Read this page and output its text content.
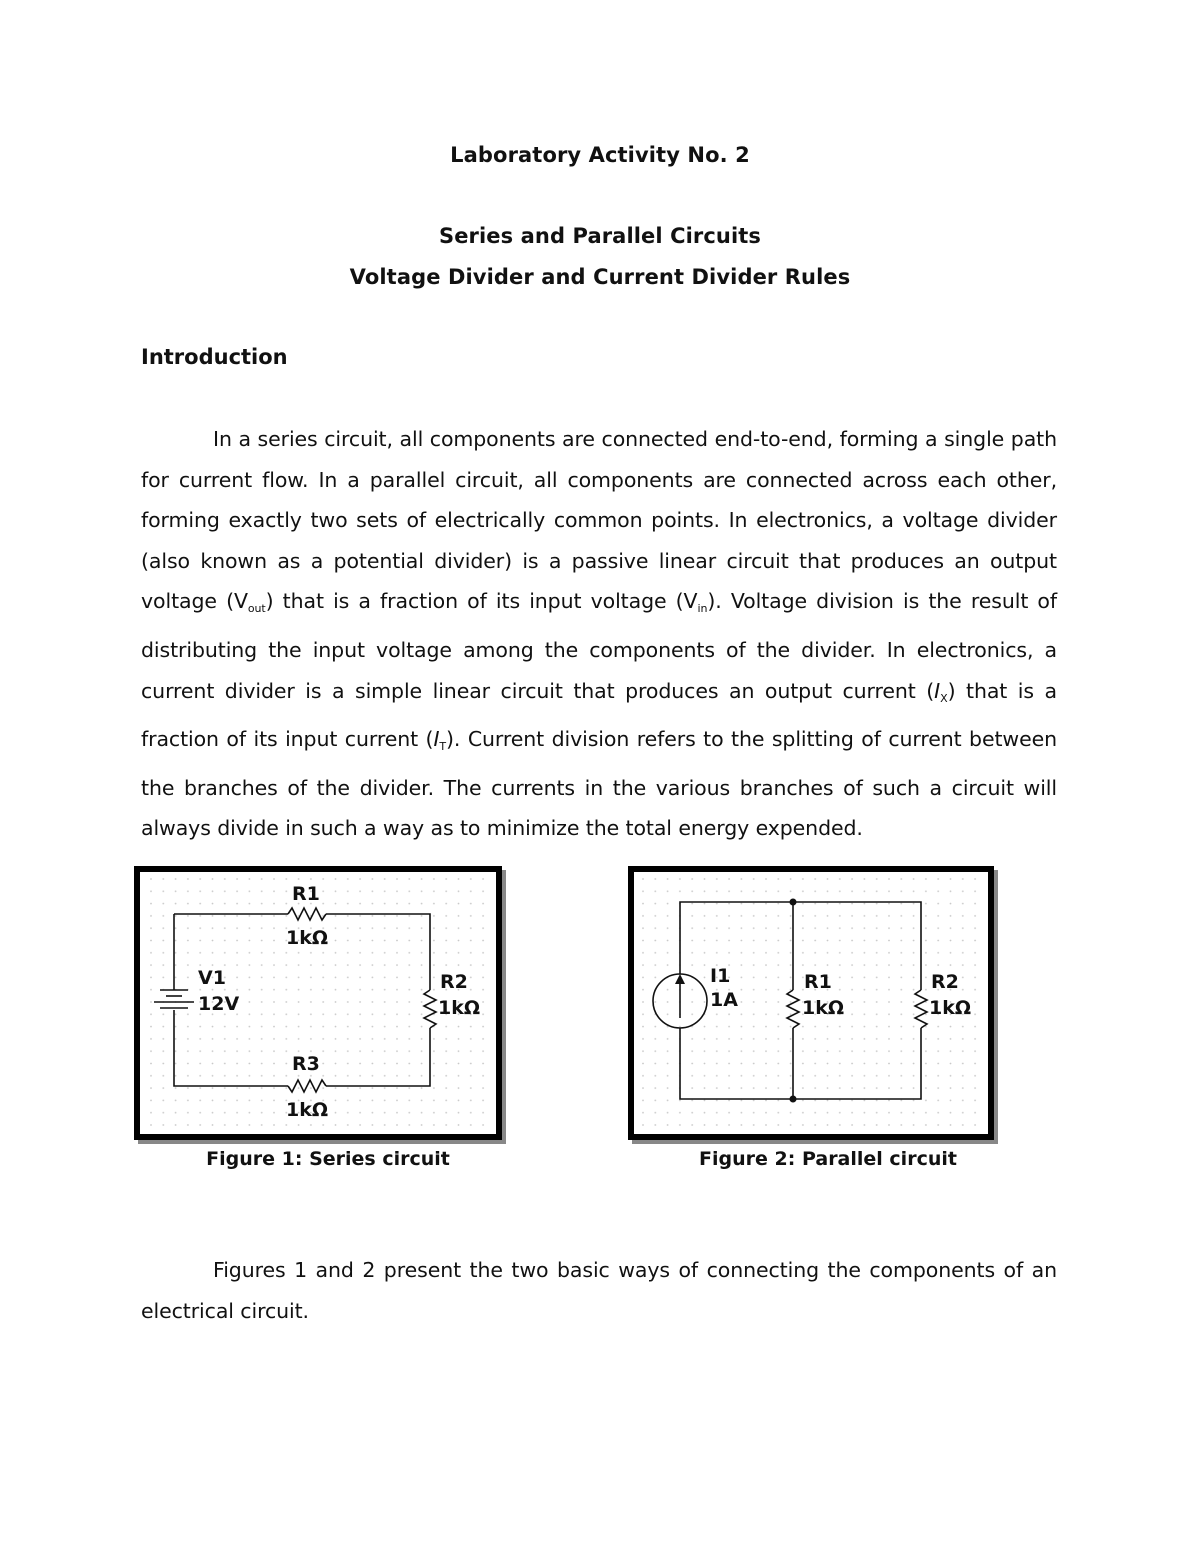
Laboratory Activity No. 2
Series and Parallel Circuits
Voltage Divider and Current Divider Rules
Introduction

In a series circuit, all components are connected end-to-end, forming a single path for current flow. In a parallel circuit, all components are connected across each other, forming exactly two sets of electrically common points. In electronics, a voltage divider (also known as a potential divider) is a passive linear circuit that produces an output voltage $(V_{out})$ that is a fraction of its input voltage $(V_{in})$. Voltage division is the result of distributing the input voltage among the components of the divider. In electronics, a current divider is a simple linear circuit that produces an output current $(I_X)$ that is a fraction of its input current $(I_T)$. Current division refers to the splitting of current between the branches of the divider. The currents in the various branches of such a circuit will always divide in such a way as to minimize the total energy expended.

R1
1kΩ
R2
1kΩ
R3
1kΩ
V1
12V
Figure 1: Series circuit
I1
1A
R1
1kΩ
R2
1kΩ
Figure 2: Parallel circuit

Figures 1 and 2 present the two basic ways of connecting the components of an electrical circuit.
